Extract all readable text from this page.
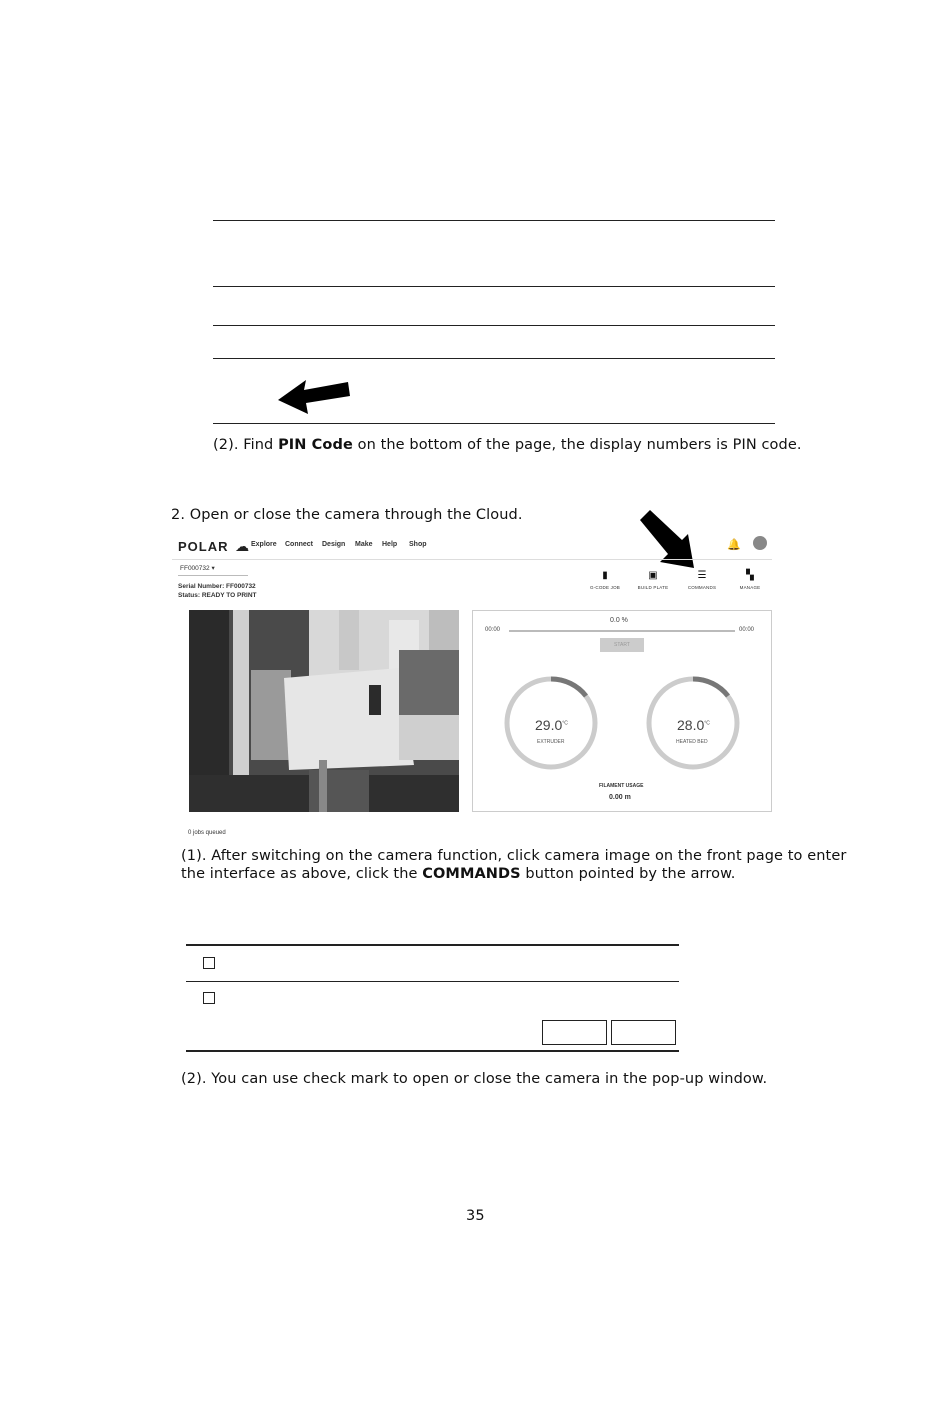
(2). Find PIN Code on the bottom of the page, the display numbers is PIN code.
2. Open or close the camera through the Cloud.
POLAR ☁ Explore Connect Design Make Help Shop	🔔
FF000732 ▾
Serial Number: FF000732
Status: READY TO PRINT
▮
G-CODE JOB
▣
BUILD PLATE
☰
COMMANDS
▚
MANAGE
0.0 %
00:00	00:00
START
$29.0^{^\circ C}$
EXTRUDER
$28.0^{^\circ C}$
HEATED BED
FILAMENT USAGE
0.00 m
0 jobs queued
(1). After switching on the camera function, click camera image on the front page to enter
the interface as above, click the COMMANDS button pointed by the arrow.
(2). You can use check mark to open or close the camera in the pop-up window.
35
